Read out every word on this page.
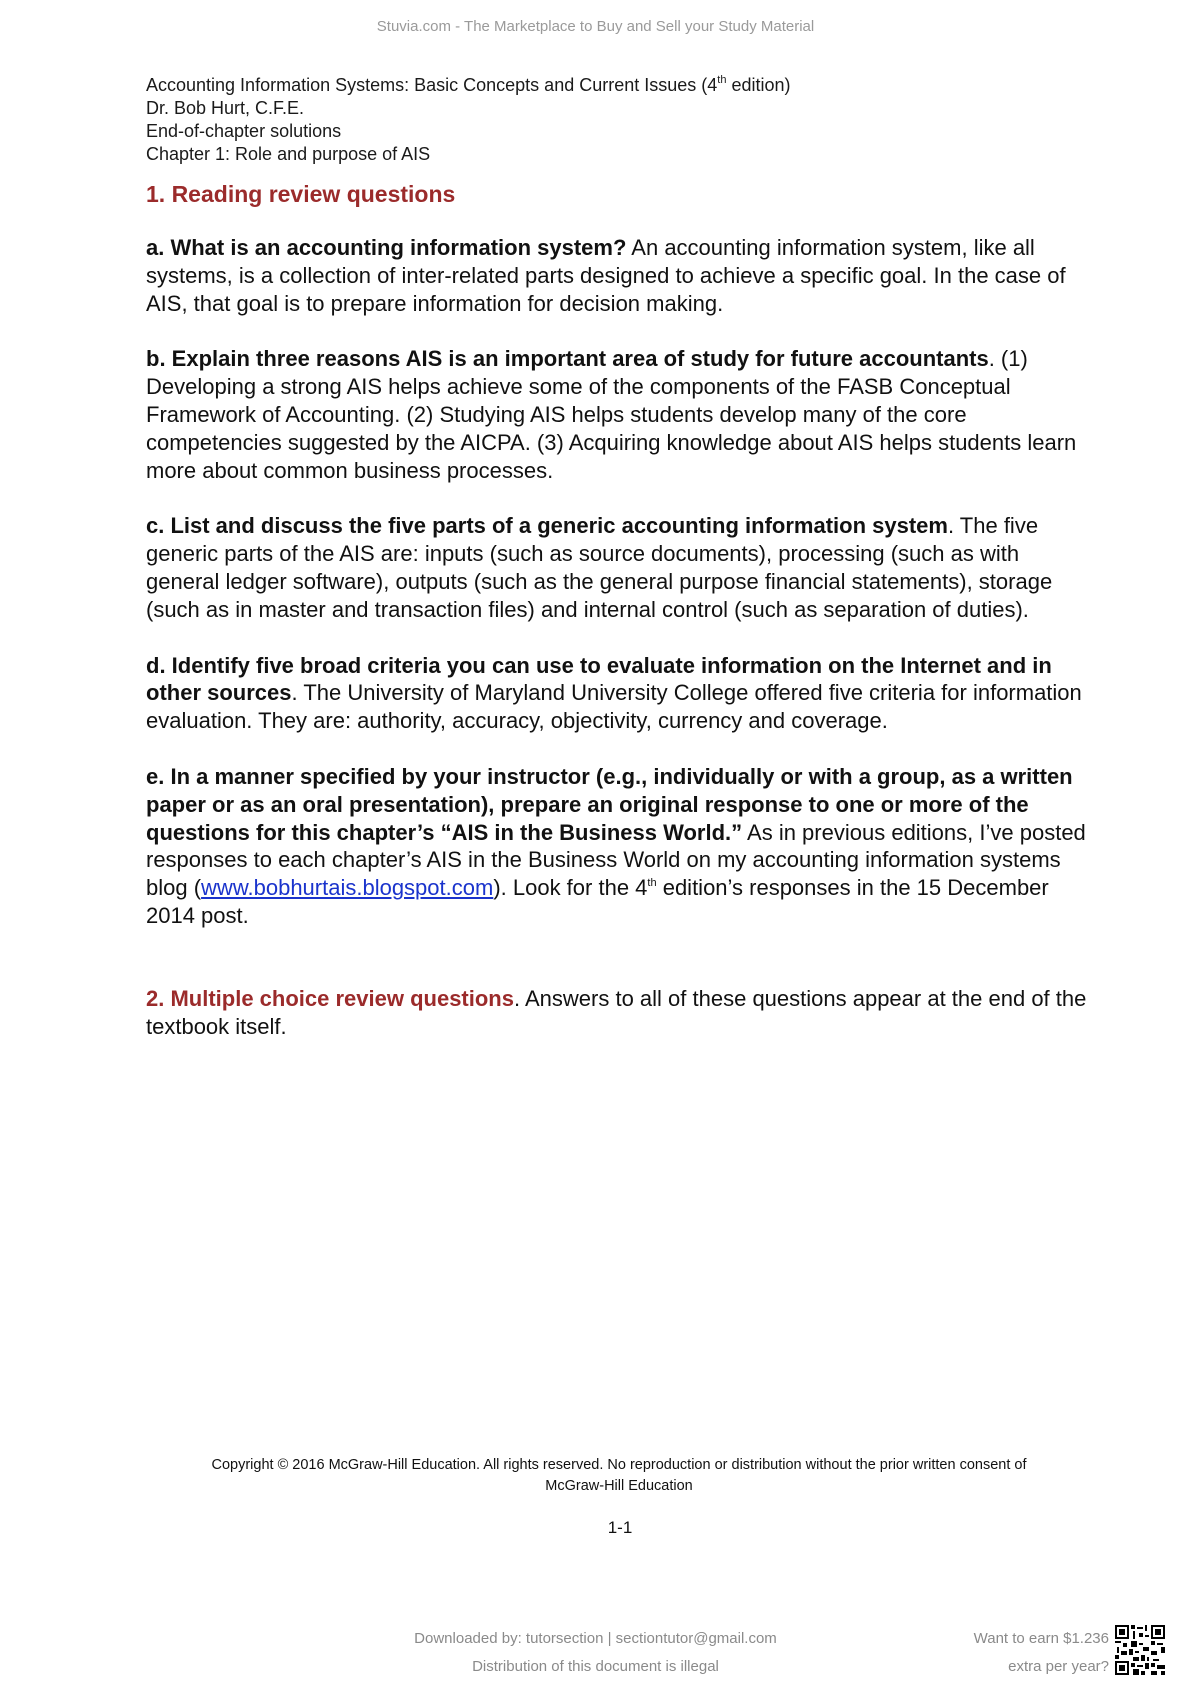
Stuvia.com - The Marketplace to Buy and Sell your Study Material
Accounting Information Systems: Basic Concepts and Current Issues (4th edition)
Dr. Bob Hurt, C.F.E.
End-of-chapter solutions
Chapter 1: Role and purpose of AIS
1. Reading review questions

a. What is an accounting information system? An accounting information system, like all systems, is a collection of inter-related parts designed to achieve a specific goal. In the case of AIS, that goal is to prepare information for decision making.

b. Explain three reasons AIS is an important area of study for future accountants. (1) Developing a strong AIS helps achieve some of the components of the FASB Conceptual Framework of Accounting. (2) Studying AIS helps students develop many of the core competencies suggested by the AICPA. (3) Acquiring knowledge about AIS helps students learn more about common business processes.

c. List and discuss the five parts of a generic accounting information system. The five generic parts of the AIS are: inputs (such as source documents), processing (such as with general ledger software), outputs (such as the general purpose financial statements), storage (such as in master and transaction files) and internal control (such as separation of duties).

d. Identify five broad criteria you can use to evaluate information on the Internet and in other sources. The University of Maryland University College offered five criteria for information evaluation. They are: authority, accuracy, objectivity, currency and coverage.

e. In a manner specified by your instructor (e.g., individually or with a group, as a written paper or as an oral presentation), prepare an original response to one or more of the questions for this chapter’s “AIS in the Business World.” As in previous editions, I’ve posted responses to each chapter’s AIS in the Business World on my accounting information systems blog (www.bobhurtais.blogspot.com). Look for the 4th edition’s responses in the 15 December 2014 post.

2. Multiple choice review questions. Answers to all of these questions appear at the end of the textbook itself.

Copyright © 2016 McGraw-Hill Education. All rights reserved. No reproduction or distribution without the prior written consent of
McGraw-Hill Education
1-1
Downloaded by: tutorsection | sectiontutor@gmail.com
Distribution of this document is illegal
Want to earn $1.236
extra per year?
